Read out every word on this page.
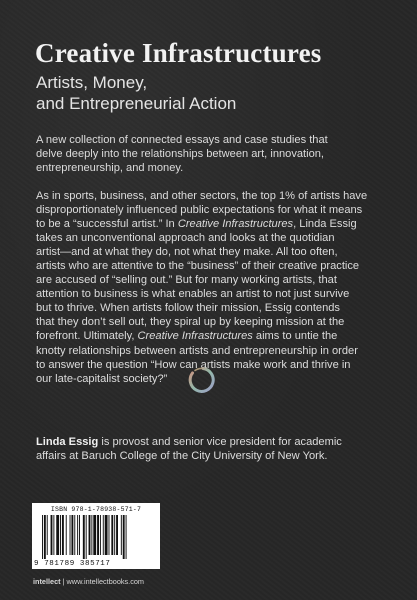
Creative Infrastructures
Artists, Money,
and Entrepreneurial Action
A new collection of connected essays and case studies that
delve deeply into the relationships between art, innovation,
entrepreneurship, and money.
As in sports, business, and other sectors, the top 1% of artists have
disproportionately influenced public expectations for what it means
to be a “successful artist.” In Creative Infrastructures, Linda Essig
takes an unconventional approach and looks at the quotidian
artist—and at what they do, not what they make. All too often,
artists who are attentive to the “business” of their creative practice
are accused of “selling out.” But for many working artists, that
attention to business is what enables an artist to not just survive
but to thrive. When artists follow their mission, Essig contends
that they don’t sell out, they spiral up by keeping mission at the
forefront. Ultimately, Creative Infrastructures aims to untie the
knotty relationships between artists and entrepreneurship in order
to answer the question “How can artists make work and thrive in
our late-capitalist society?”
Linda Essig is provost and senior vice president for academic
affairs at Baruch College of the City University of New York.
ISBN 978-1-78938-571-7
9 781789 385717
intellect | www.intellectbooks.com
